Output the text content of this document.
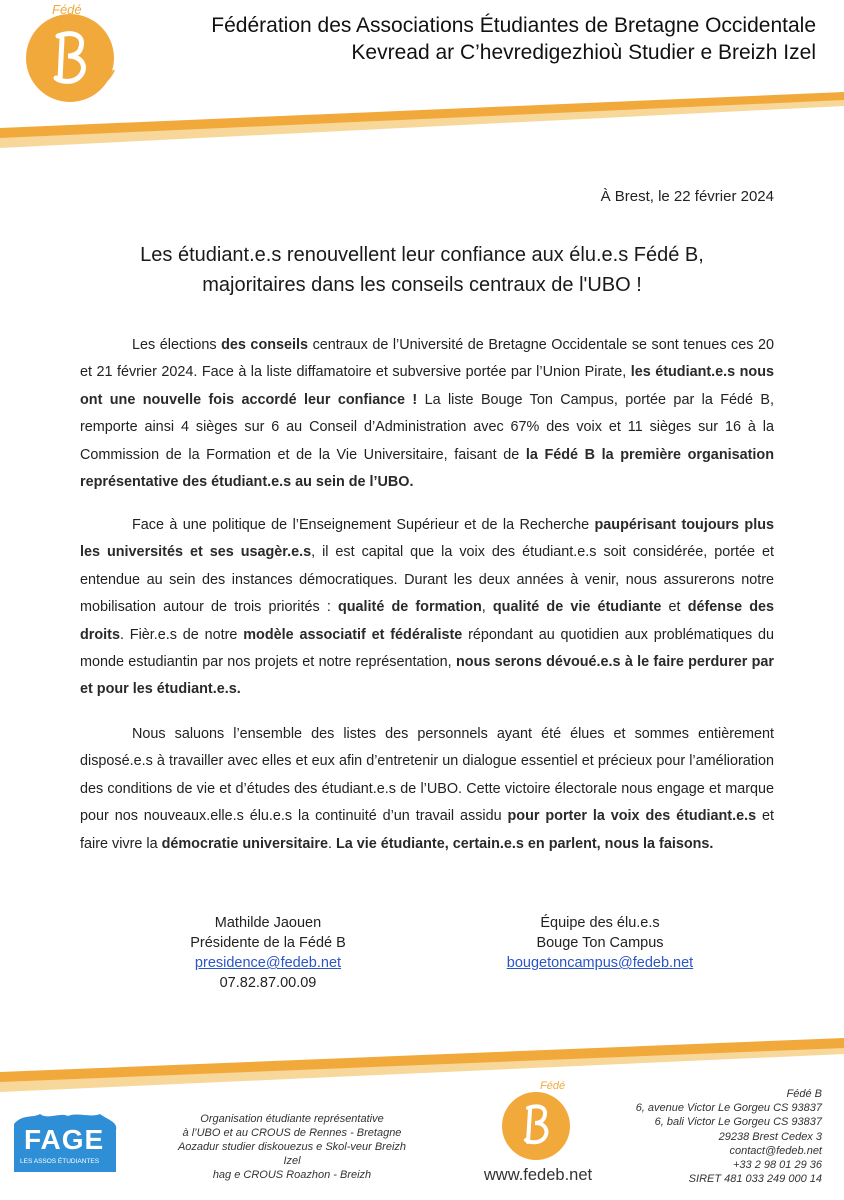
Fédé
Fédération des Associations Étudiantes de Bretagne Occidentale
Kevread ar C’hevredigezhioù Studier e Breizh Izel
À Brest, le 22 février 2024
Les étudiant.e.s renouvellent leur confiance aux élu.e.s Fédé B,
majoritaires dans les conseils centraux de l'UBO !

Les élections des conseils centraux de l’Université de Bretagne Occidentale se sont tenues ces 20 et 21 février 2024. Face à la liste diffamatoire et subversive portée par l’Union Pirate, les étudiant.e.s nous ont une nouvelle fois accordé leur confiance ! La liste Bouge Ton Campus, portée par la Fédé B, remporte ainsi 4 sièges sur 6 au Conseil d’Administration avec 67% des voix et 11 sièges sur 16 à la Commission de la Formation et de la Vie Universitaire, faisant de la Fédé B la première organisation représentative des étudiant.e.s au sein de l’UBO.

Face à une politique de l’Enseignement Supérieur et de la Recherche paupérisant toujours plus les universités et ses usagèr.e.s, il est capital que la voix des étudiant.e.s soit considérée, portée et entendue au sein des instances démocratiques. Durant les deux années à venir, nous assurerons notre mobilisation autour de trois priorités : qualité de formation, qualité de vie étudiante et défense des droits. Fièr.e.s de notre modèle associatif et fédéraliste répondant au quotidien aux problématiques du monde estudiantin par nos projets et notre représentation, nous serons dévoué.e.s à le faire perdurer par et pour les étudiant.e.s.

Nous saluons l’ensemble des listes des personnels ayant été élues et sommes entièrement disposé.e.s à travailler avec elles et eux afin d’entretenir un dialogue essentiel et précieux pour l’amélioration des conditions de vie et d’études des étudiant.e.s de l’UBO. Cette victoire électorale nous engage et marque pour nos nouveaux.elle.s élu.e.s la continuité d’un travail assidu pour porter la voix des étudiant.e.s et faire vivre la démocratie universitaire. La vie étudiante, certain.e.s en parlent, nous la faisons.

Mathilde Jaouen
Présidente de la Fédé B
presidence@fedeb.net
07.82.87.00.09
Équipe des élu.e.s
Bouge Ton Campus
bougetoncampus@fedeb.net
FAGE
LES ASSOS ÉTUDIANTES
Organisation étudiante représentative
à l’UBO et au CROUS de Rennes - Bretagne
Aozadur studier diskouezus e Skol-veur Breizh Izel
hag e CROUS Roazhon - Breizh
Fédé
www.fedeb.net
Fédé B
6, avenue Victor Le Gorgeu CS 93837
6, bali Victor Le Gorgeu CS 93837
29238 Brest Cedex 3
contact@fedeb.net
+33 2 98 01 29 36
SIRET 481 033 249 000 14
